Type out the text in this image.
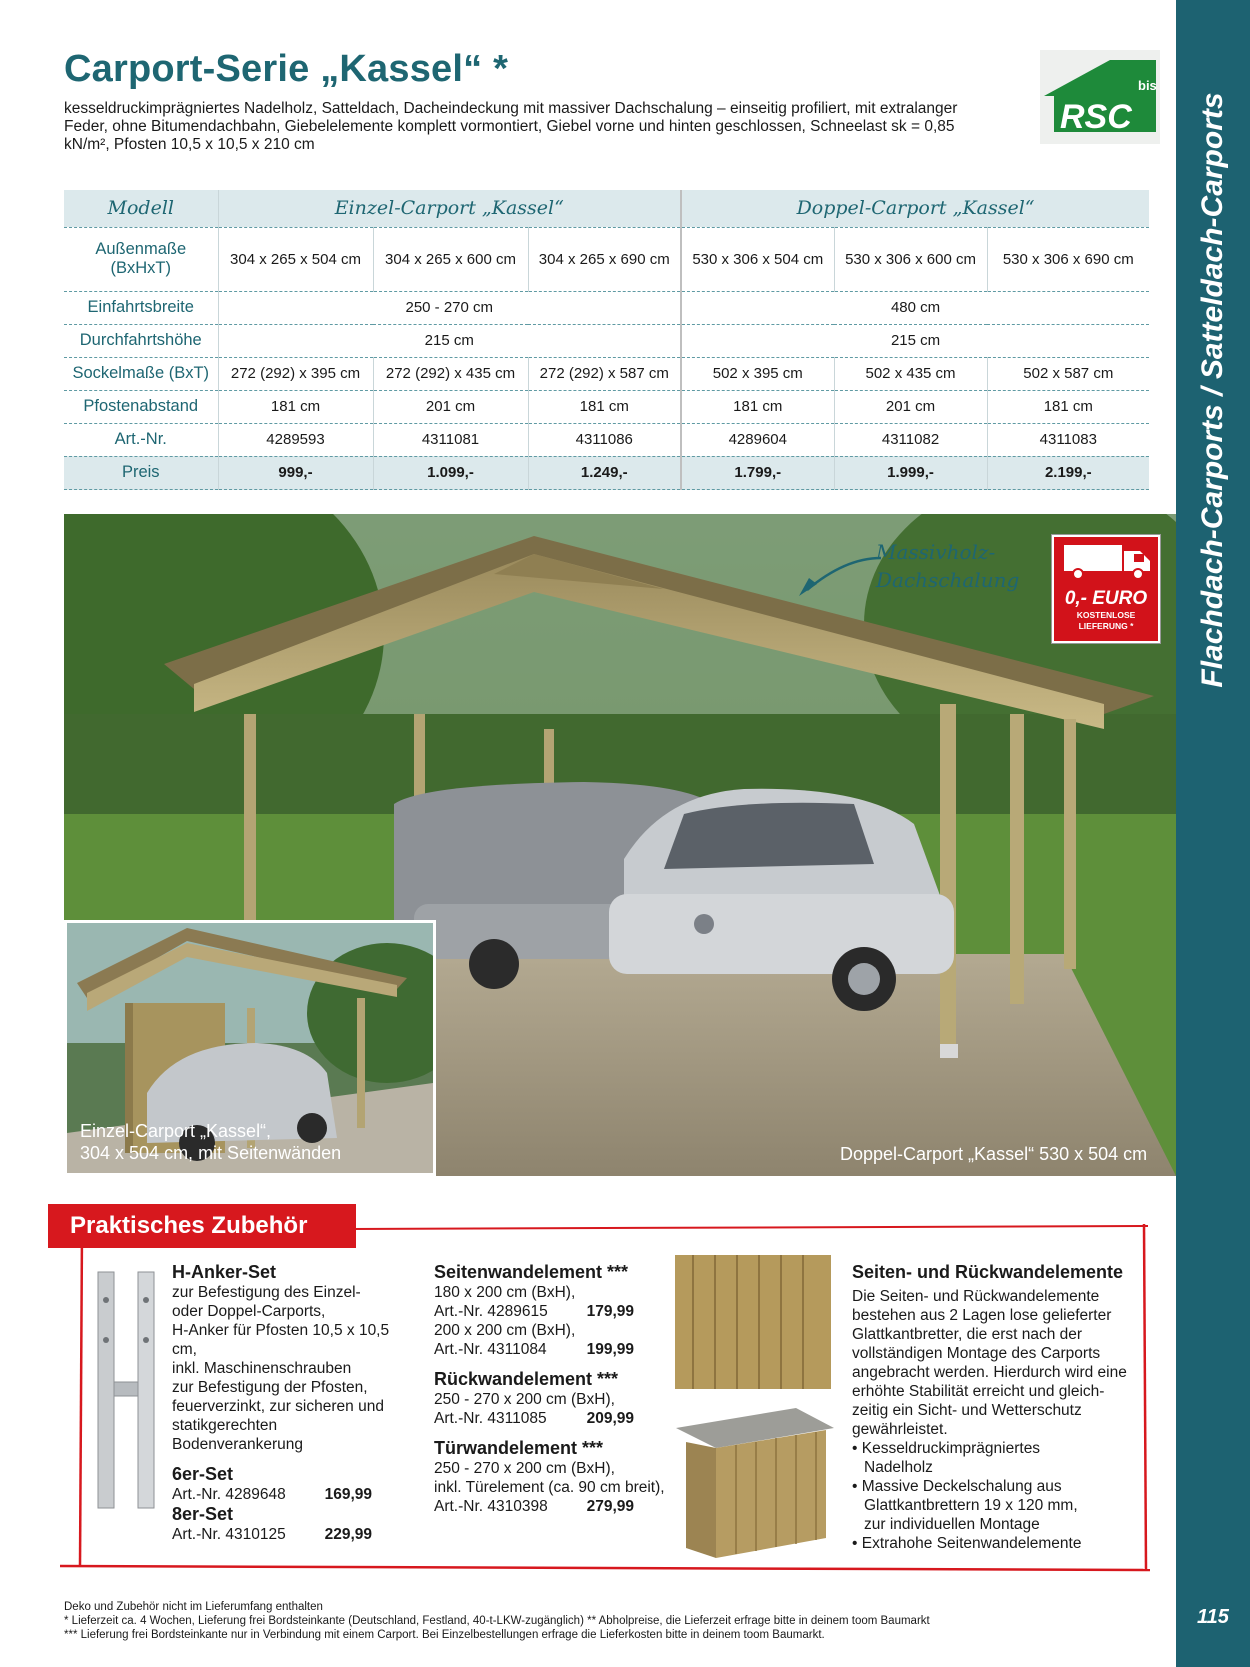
Carport-Serie „Kassel“ *
kesseldruckimprägniertes Nadelholz, Satteldach, Dacheindeckung mit massiver Dachschalung – einseitig profiliert, mit extralanger Feder, ohne Bitumendachbahn, Giebelelemente komplett vormontiert, Giebel vorne und hinten geschlossen, Schneelast sk = 0,85 kN/m², Pfosten 10,5 x 10,5 x 210 cm
bis
RSC Flachdach-Carports / Satteldach-Carports
115
Modell	Einzel-Carport „Kassel“			Doppel-Carport „Kassel“		
Außenmaße (BxHxT)	304 x 265 x 504 cm	304 x 265 x 600 cm	304 x 265 x 690 cm	530 x 306 x 504 cm	530 x 306 x 600 cm	530 x 306 x 690 cm
Einfahrtsbreite	250 - 270 cm			480 cm		
Durchfahrtshöhe	215 cm			215 cm		
Sockelmaße (BxT)	272 (292) x 395 cm	272 (292) x 435 cm	272 (292) x 587 cm	502 x 395 cm	502 x 435 cm	502 x 587 cm
Pfostenabstand	181 cm	201 cm	181 cm	181 cm	201 cm	181 cm
Art.-Nr.	4289593	4311081	4311086	4289604	4311082	4311083
Preis	999,-	1.099,-	1.249,-	1.799,-	1.999,-	2.199,-
Einzel-Carport „Kassel“,
304 x 504 cm, mit Seitenwänden	Doppel-Carport „Kassel“ 530 x 504 cm
Massivholz-
Dachschalung
0,- EURO
KOSTENLOSE
LIEFERUNG *
Praktisches Zubehör
H-Anker-Set
zur Befestigung des Einzel-
oder Doppel-Carports,
H-Anker für Pfosten 10,5 x 10,5 cm,
inkl. Maschinenschrauben
zur Befestigung der Pfosten,
feuerverzinkt, zur sicheren und
statikgerechten Bodenverankerung
6er-Set
Art.-Nr. 4289648	169,99
8er-Set
Art.-Nr. 4310125	229,99
Seitenwandelement ***
180 x 200 cm (BxH),
Art.-Nr. 4289615	179,99
200 x 200 cm (BxH),
Art.-Nr. 4311084	199,99
Rückwandelement ***
250 - 270 x 200 cm (BxH),
Art.-Nr. 4311085	209,99
Türwandelement ***
250 - 270 x 200 cm (BxH),
inkl. Türelement (ca. 90 cm breit),
Art.-Nr. 4310398	279,99
Seiten- und Rückwandelemente
Die Seiten- und Rückwandelemente
bestehen aus 2 Lagen lose gelieferter
Glattkantbretter, die erst nach der
vollständigen Montage des Carports
angebracht werden. Hierdurch wird eine
erhöhte Stabilität erreicht und gleich-
zeitig ein Sicht- und Wetterschutz
gewährleistet.
• Kesseldruckimprägniertes
Nadelholz
• Massive Deckelschalung aus
Glattkantbrettern 19 x 120 mm,
zur individuellen Montage
• Extrahohe Seitenwandelemente
Deko und Zubehör nicht im Lieferumfang enthalten
* Lieferzeit ca. 4 Wochen, Lieferung frei Bordsteinkante (Deutschland, Festland, 40-t-LKW-zugänglich) ** Abholpreise, die Lieferzeit erfrage bitte in deinem toom Baumarkt
*** Lieferung frei Bordsteinkante nur in Verbindung mit einem Carport. Bei Einzelbestellungen erfrage die Lieferkosten bitte in deinem toom Baumarkt.
